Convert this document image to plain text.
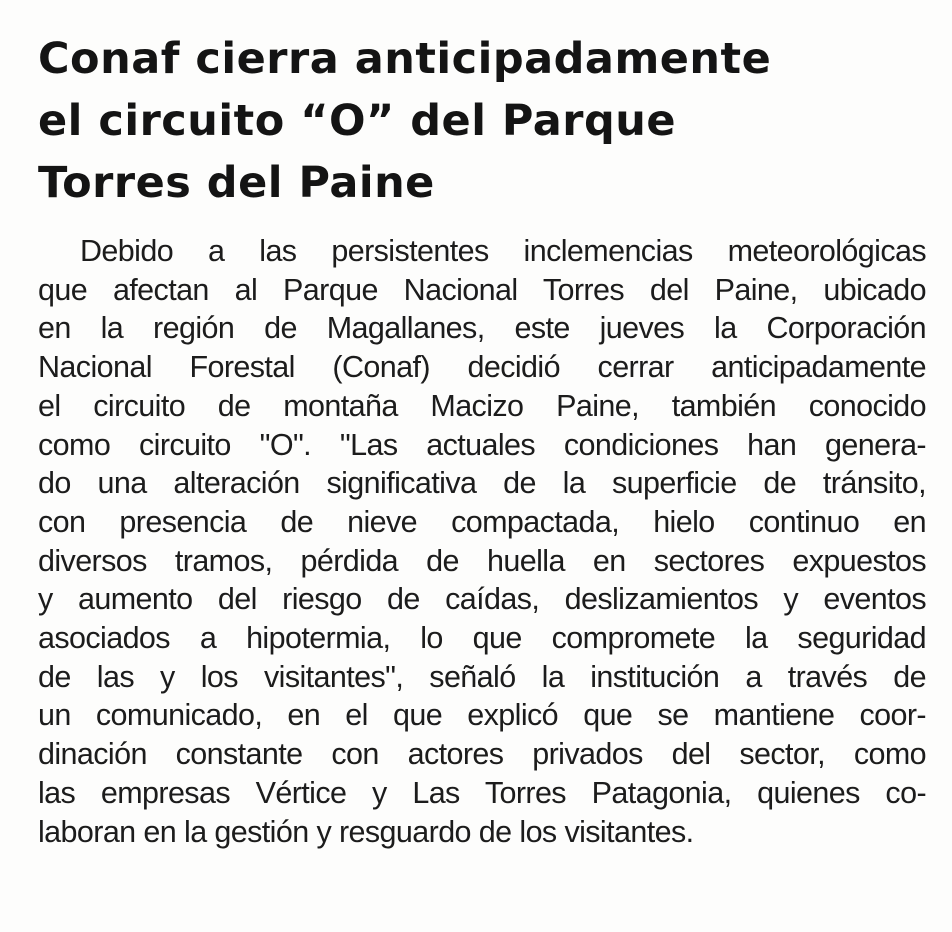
Conaf cierra anticipadamente
el circuito “O” del Parque
Torres del Paine

Debido a las persistentes inclemencias meteorológicas
que afectan al Parque Nacional Torres del Paine, ubicado
en la región de Magallanes, este jueves la Corporación
Nacional Forestal (Conaf) decidió cerrar anticipadamente
el circuito de montaña Macizo Paine, también conocido
como circuito "O". "Las actuales condiciones han genera-
do una alteración significativa de la superficie de tránsito,
con presencia de nieve compactada, hielo continuo en
diversos tramos, pérdida de huella en sectores expuestos
y aumento del riesgo de caídas, deslizamientos y eventos
asociados a hipotermia, lo que compromete la seguridad
de las y los visitantes", señaló la institución a través de
un comunicado, en el que explicó que se mantiene coor-
dinación constante con actores privados del sector, como
las empresas Vértice y Las Torres Patagonia, quienes co-
laboran en la gestión y resguardo de los visitantes.
